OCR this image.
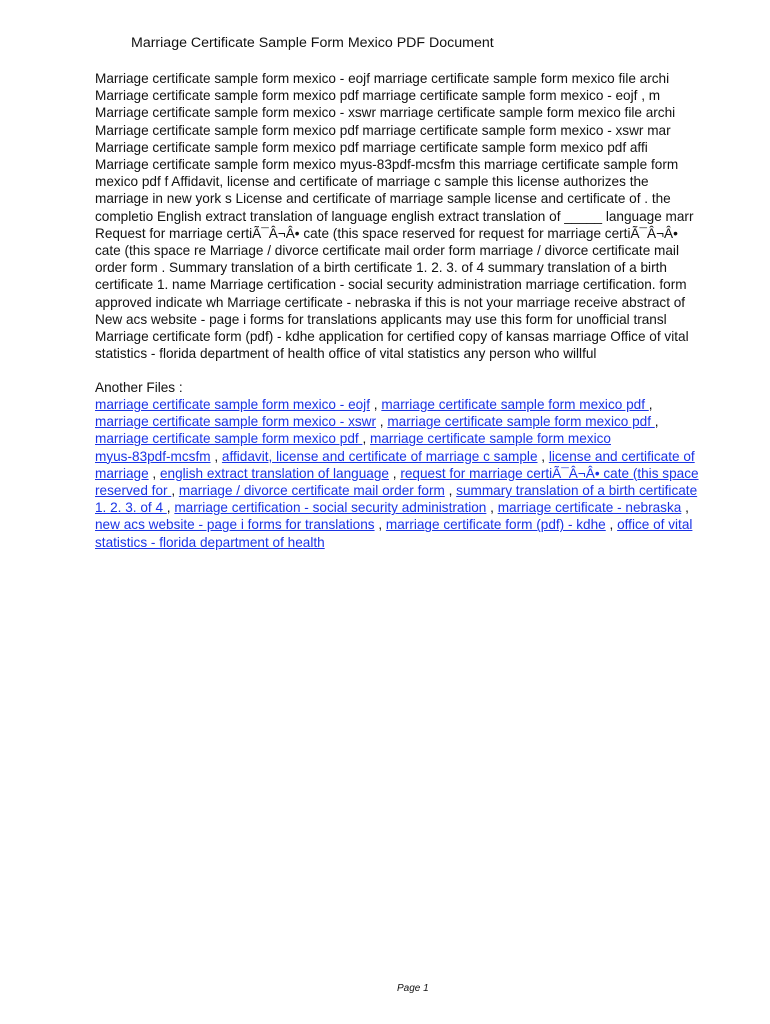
Marriage Certificate Sample Form Mexico PDF Document
Marriage certificate sample form mexico - eojf marriage certificate sample form mexico file archi
Marriage certificate sample form mexico pdf marriage certificate sample form mexico - eojf , m
Marriage certificate sample form mexico - xswr marriage certificate sample form mexico file archi
Marriage certificate sample form mexico pdf marriage certificate sample form mexico - xswr mar
Marriage certificate sample form mexico pdf marriage certificate sample form mexico pdf affi
Marriage certificate sample form mexico myus-83pdf-mcsfm this marriage certificate sample form
mexico pdf f Affidavit, license and certificate of marriage c sample this license authorizes the
marriage in new york s License and certificate of marriage sample license and certificate of . the
completio English extract translation of language english extract translation of _____ language marr
Request for marriage certiÃ¯Â¬Â• cate (this space reserved for request for marriage certiÃ¯Â¬Â•
cate (this space re Marriage / divorce certificate mail order form marriage / divorce certificate mail
order form . Summary translation of a birth certificate 1. 2. 3. of 4 summary translation of a birth
certificate 1. name Marriage certification - social security administration marriage certification. form
approved indicate wh Marriage certificate - nebraska if this is not your marriage receive abstract of
New acs website - page i forms for translations applicants may use this form for unofficial transl
Marriage certificate form (pdf) - kdhe application for certified copy of kansas marriage Office of vital
statistics - florida department of health office of vital statistics any person who willful
Another Files :
marriage certificate sample form mexico - eojf , marriage certificate sample form mexico pdf ,
marriage certificate sample form mexico - xswr , marriage certificate sample form mexico pdf ,
marriage certificate sample form mexico pdf , marriage certificate sample form mexico
myus-83pdf-mcsfm , affidavit, license and certificate of marriage c sample , license and certificate of
marriage , english extract translation of language , request for marriage certiÃ¯Â¬Â• cate (this space
reserved for , marriage / divorce certificate mail order form , summary translation of a birth certificate
1. 2. 3. of 4 , marriage certification - social security administration , marriage certificate - nebraska ,
new acs website - page i forms for translations , marriage certificate form (pdf) - kdhe , office of vital
statistics - florida department of health
Page 1
